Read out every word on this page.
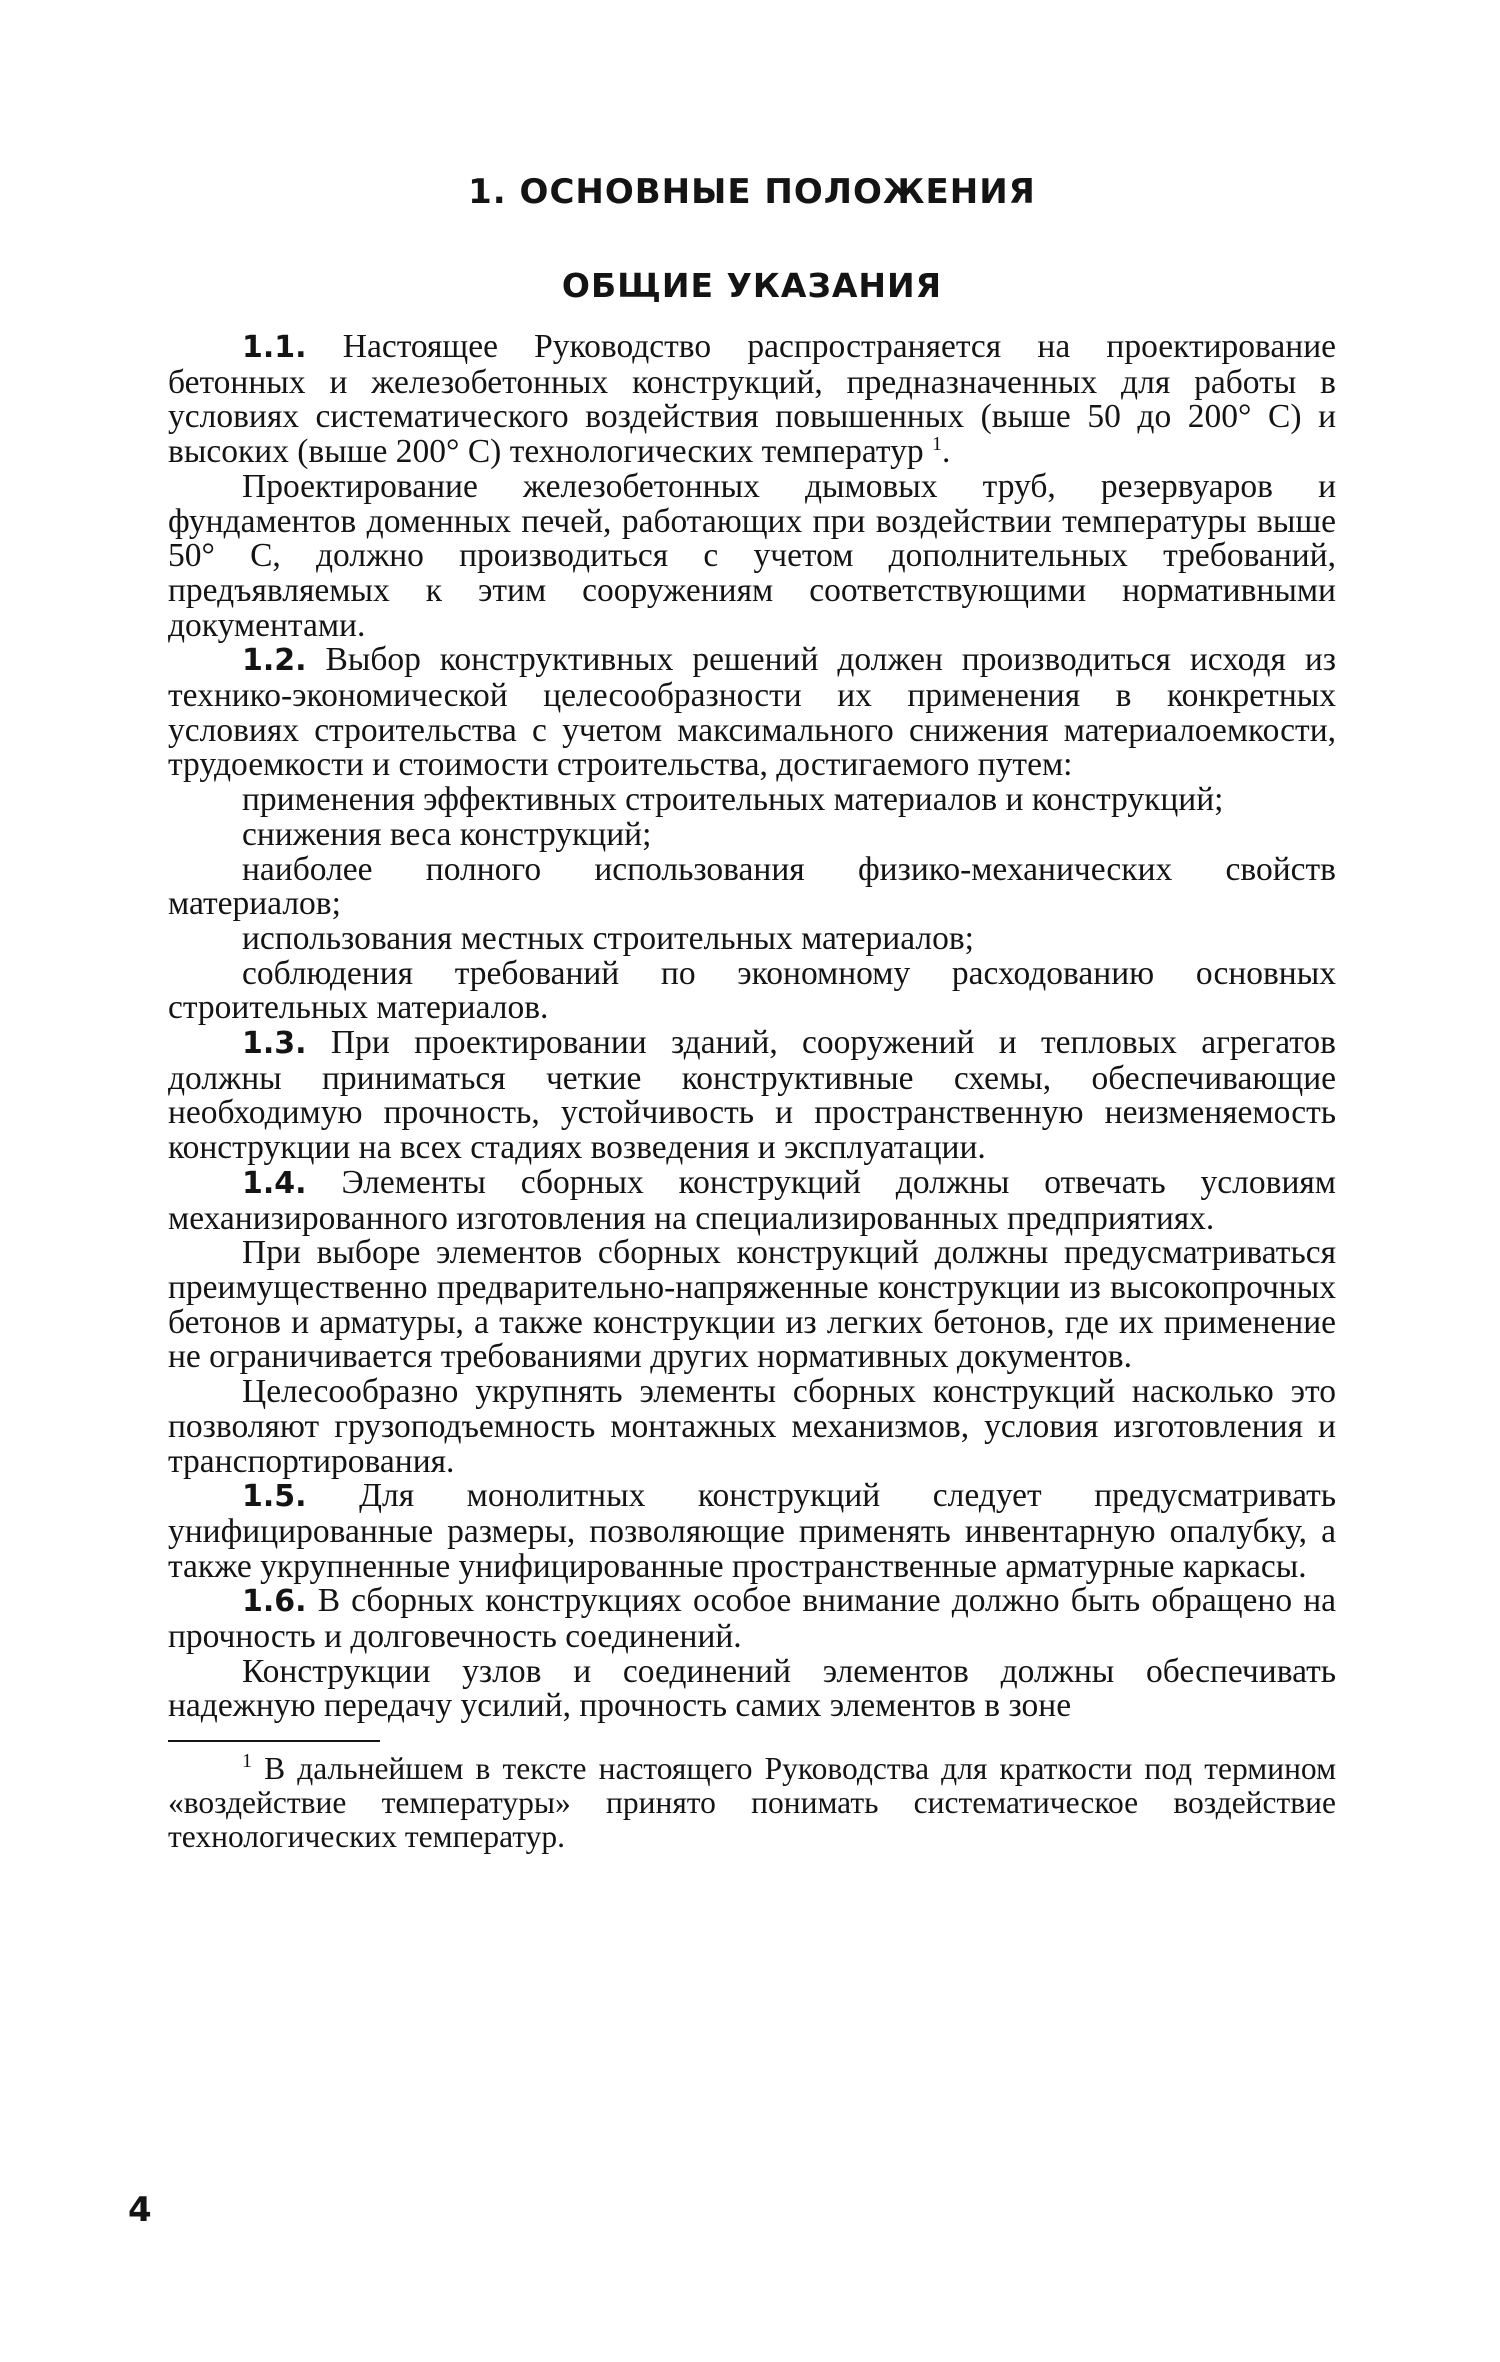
1. ОСНОВНЫЕ ПОЛОЖЕНИЯ
ОБЩИЕ УКАЗАНИЯ

1.1. Настоящее Руководство распространяется на проектирование бетонных и железобетонных конструкций, предназначенных для работы в условиях систематического воздействия повышенных (выше 50 до 200° С) и высоких (выше 200° С) технологических температур $^1$.

Проектирование железобетонных дымовых труб, резервуаров и фундаментов доменных печей, работающих при воздействии температуры выше 50° С, должно производиться с учетом дополнительных требований, предъявляемых к этим сооружениям соответствующими нормативными документами.

1.2. Выбор конструктивных решений должен производиться исходя из технико-экономической целесообразности их применения в конкретных условиях строительства с учетом максимального снижения материалоемкости, трудоемкости и стоимости строительства, достигаемого путем:

применения эффективных строительных материалов и конструкций;

снижения веса конструкций;

наиболее полного использования физико-механических свойств материалов;

использования местных строительных материалов;

соблюдения требований по экономному расходованию основных строительных материалов.

1.3. При проектировании зданий, сооружений и тепловых агрегатов должны приниматься четкие конструктивные схемы, обеспечивающие необходимую прочность, устойчивость и пространственную неизменяемость конструкции на всех стадиях возведения и эксплуатации.

1.4. Элементы сборных конструкций должны отвечать условиям механизированного изготовления на специализированных предприятиях.

При выборе элементов сборных конструкций должны предусматриваться преимущественно предварительно-напряженные конструкции из высокопрочных бетонов и арматуры, а также конструкции из легких бетонов, где их применение не ограничивается требованиями других нормативных документов.

Целесообразно укрупнять элементы сборных конструкций насколько это позволяют грузоподъемность монтажных механизмов, условия изготовления и транспортирования.

1.5. Для монолитных конструкций следует предусматривать унифицированные размеры, позволяющие применять инвентарную опалубку, а также укрупненные унифицированные пространственные арматурные каркасы.

1.6. В сборных конструкциях особое внимание должно быть обращено на прочность и долговечность соединений.

Конструкции узлов и соединений элементов должны обеспечивать надежную передачу усилий, прочность самих элементов в зоне

$^1$ В дальнейшем в тексте настоящего Руководства для краткости под термином «воздействие температуры» принято понимать систематическое воздействие технологических температур.

4
